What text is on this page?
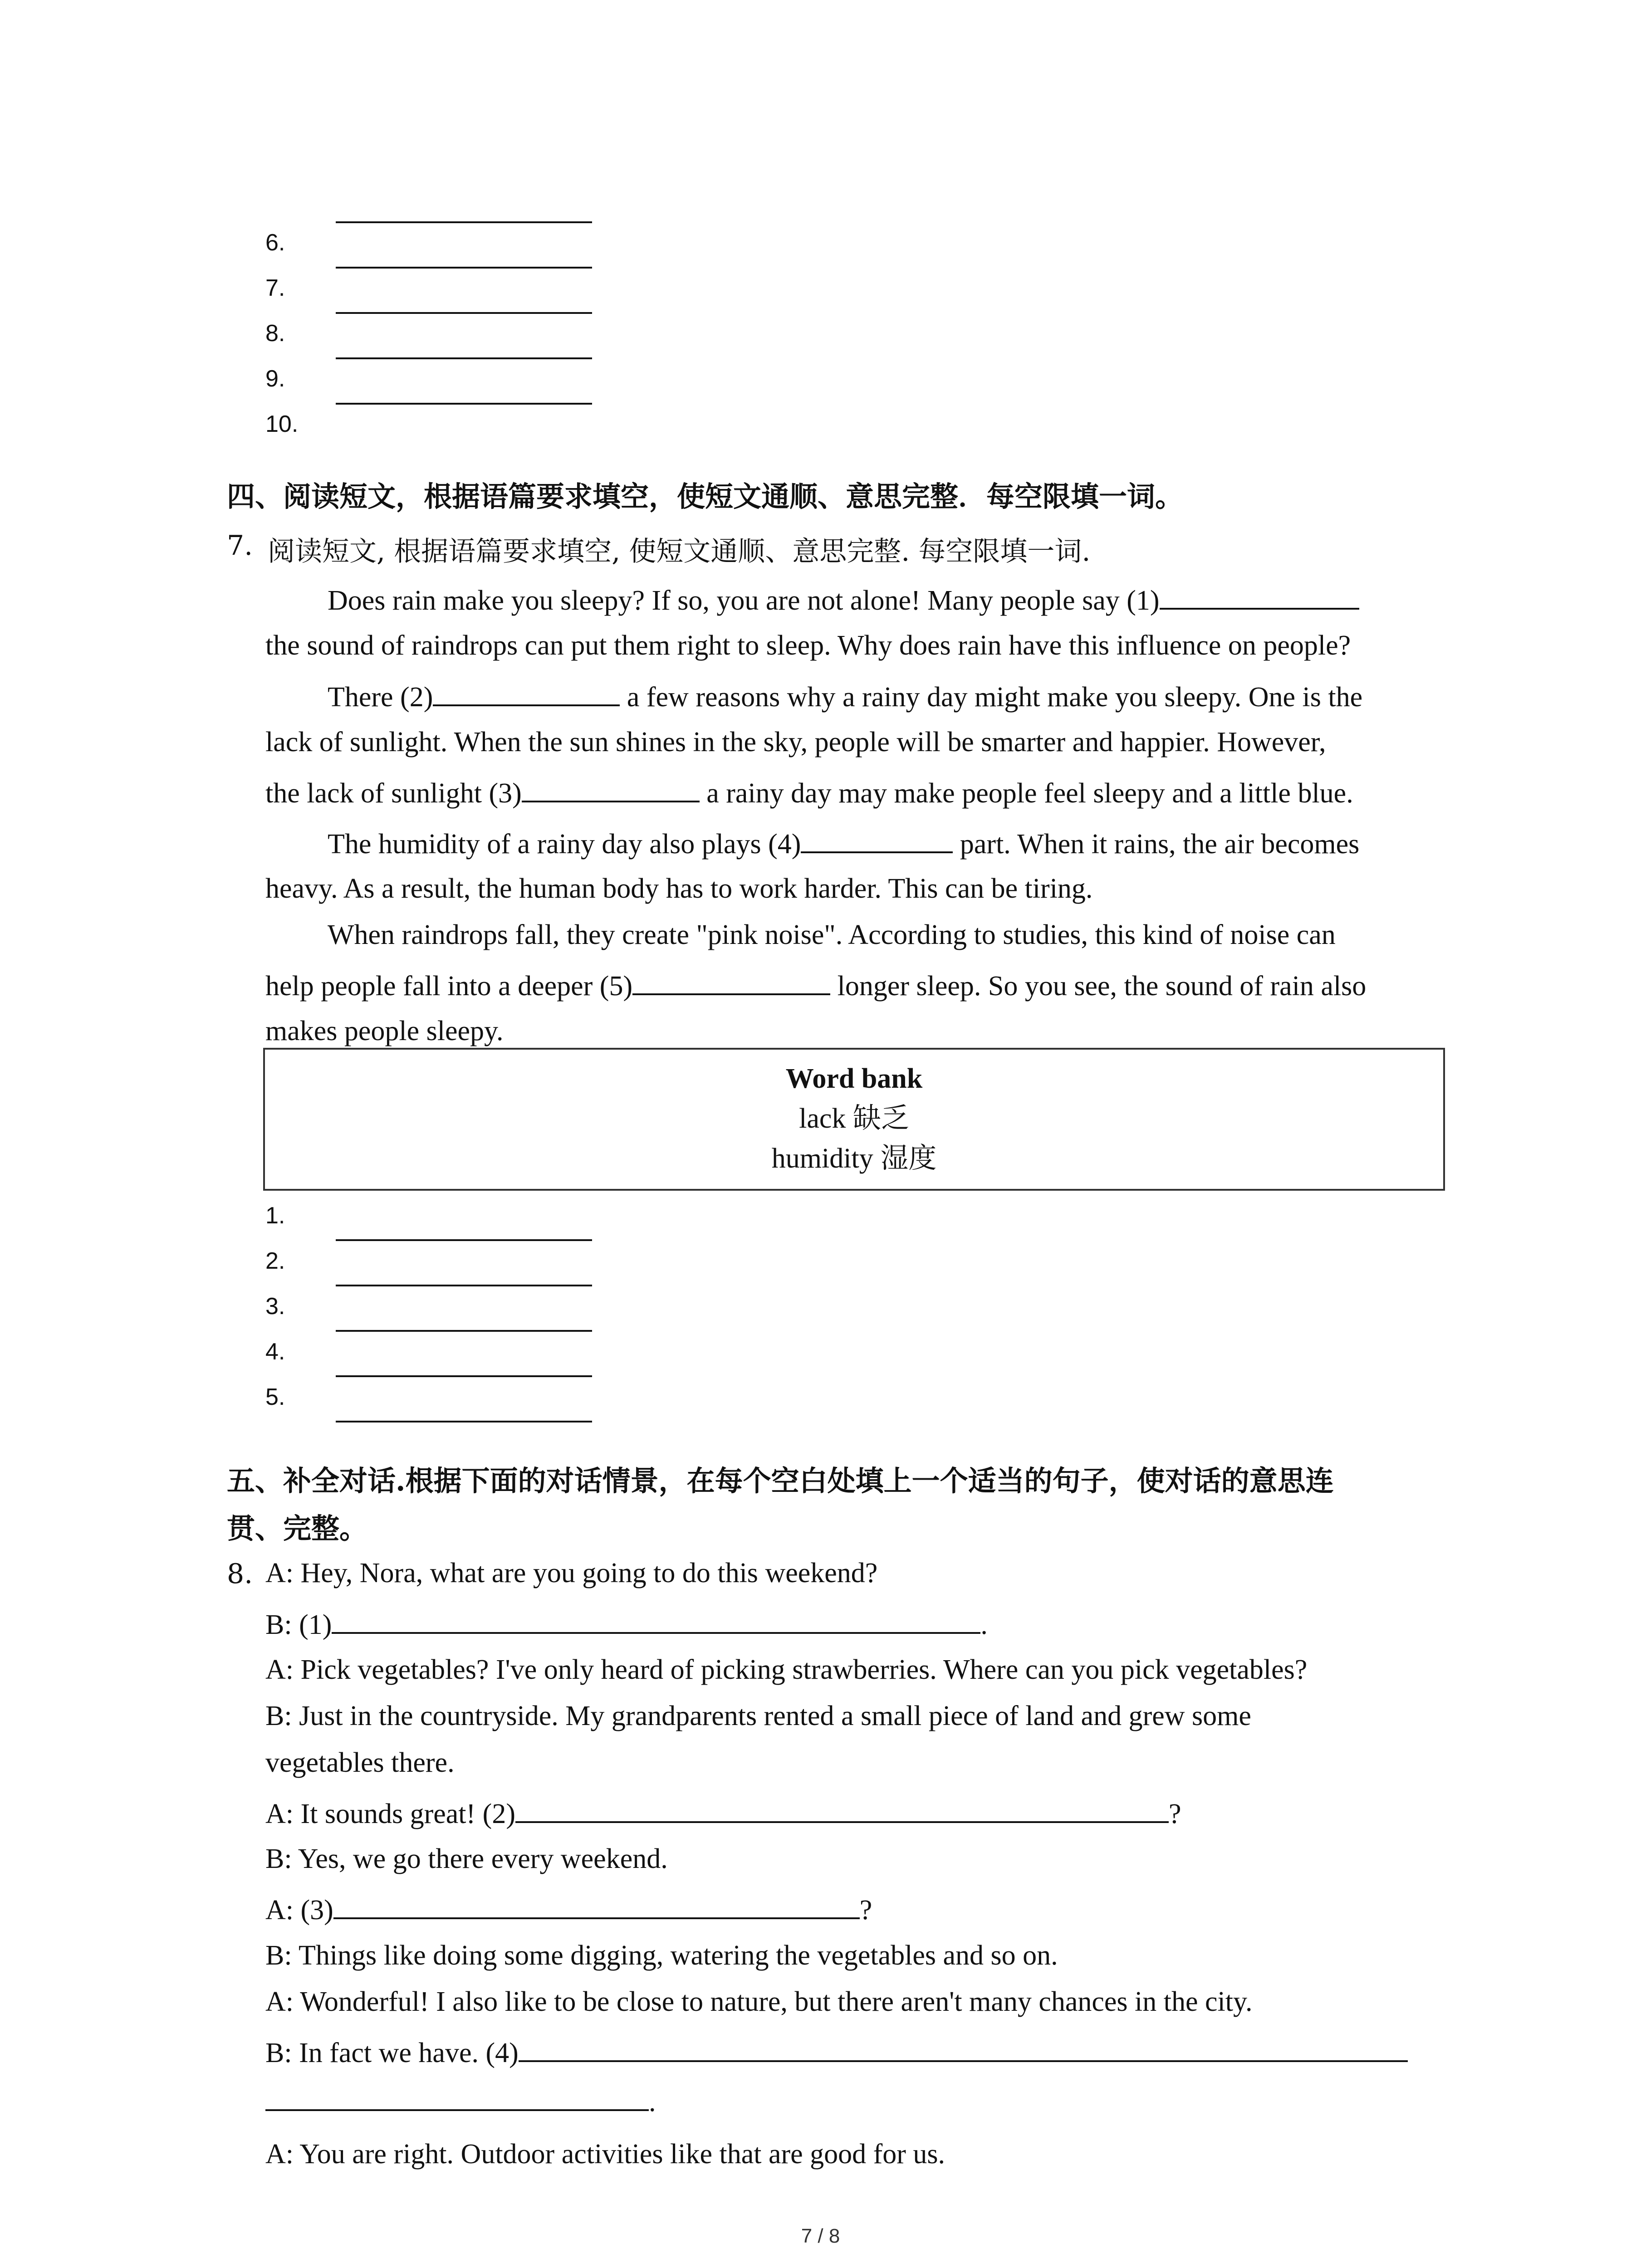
6.
7.
8.
9.
10.
四、阅读短文，根据语篇要求填空，使短文通顺、意思完整．每空限填一词。
7. 阅读短文, 根据语篇要求填空, 使短文通顺、意思完整. 每空限填一词.
Does rain make you sleepy? If so, you are not alone! Many people say (1)
the sound of raindrops can put them right to sleep. Why does rain have this influence on people?
There (2)	a few reasons why a rainy day might make you sleepy. One is the
lack of sunlight. When the sun shines in the sky, people will be smarter and happier. However,
the lack of sunlight (3)	a rainy day may make people feel sleepy and a little blue.
The humidity of a rainy day also plays (4)	part. When it rains, the air becomes
heavy. As a result, the human body has to work harder. This can be tiring.
When raindrops fall, they create "pink noise". According to studies, this kind of noise can
help people fall into a deeper (5)	longer sleep. So you see, the sound of rain also
makes people sleepy.
Word bank
lack 缺乏
humidity 湿度
1.
2.
3.
4.
5.
五、补全对话.根据下面的对话情景，在每个空白处填上一个适当的句子，使对话的意思连
贯、完整。
8. A: Hey, Nora, what are you going to do this weekend?
B: (1)	.
A: Pick vegetables? I've only heard of picking strawberries. Where can you pick vegetables?
B: Just in the countryside. My grandparents rented a small piece of land and grew some
vegetables there.
A: It sounds great! (2)	?
B: Yes, we go there every weekend.
A: (3)	?
B: Things like doing some digging, watering the vegetables and so on.
A: Wonderful! I also like to be close to nature, but there aren't many chances in the city.
B: In fact we have. (4)
.
A: You are right. Outdoor activities like that are good for us.
7 / 8
